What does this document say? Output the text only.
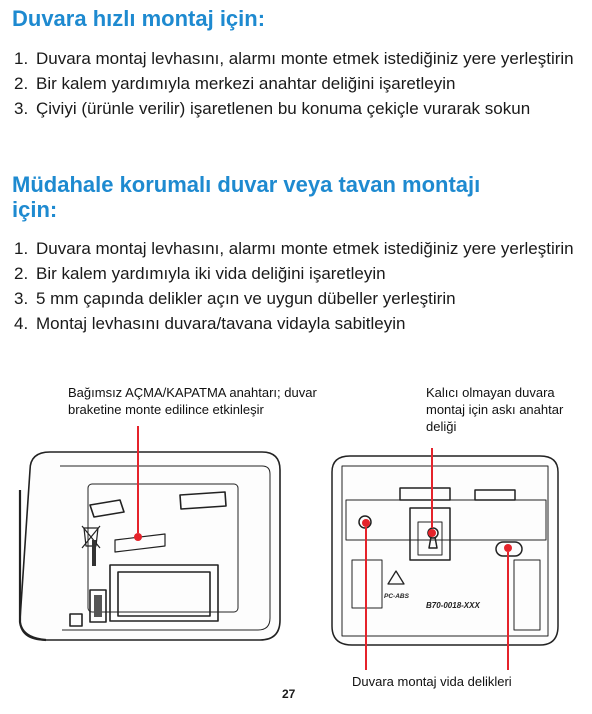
Duvara hızlı montaj için:
1. Duvara montaj levhasını, alarmı monte etmek istediğiniz yere yerleştirin
2. Bir kalem yardımıyla merkezi anahtar deliğini işaretleyin
3. Çiviyi (ürünle verilir) işaretlenen bu konuma çekiçle vurarak sokun
Müdahale korumalı duvar veya tavan montajı
için:
1. Duvara montaj levhasını, alarmı monte etmek istediğiniz yere yerleştirin
2. Bir kalem yardımıyla iki vida deliğini işaretleyin
3. 5 mm çapında delikler açın ve uygun dübeller yerleştirin
4. Montaj levhasını duvara/tavana vidayla sabitleyin
PC-ABS
B70-0018-XXX
Bağımsız AÇMA/KAPATMA anahtarı; duvar
braketine monte edilince etkinleşir
Kalıcı olmayan duvara
montaj için askı anahtar
deliği
Duvara montaj vida delikleri
27
